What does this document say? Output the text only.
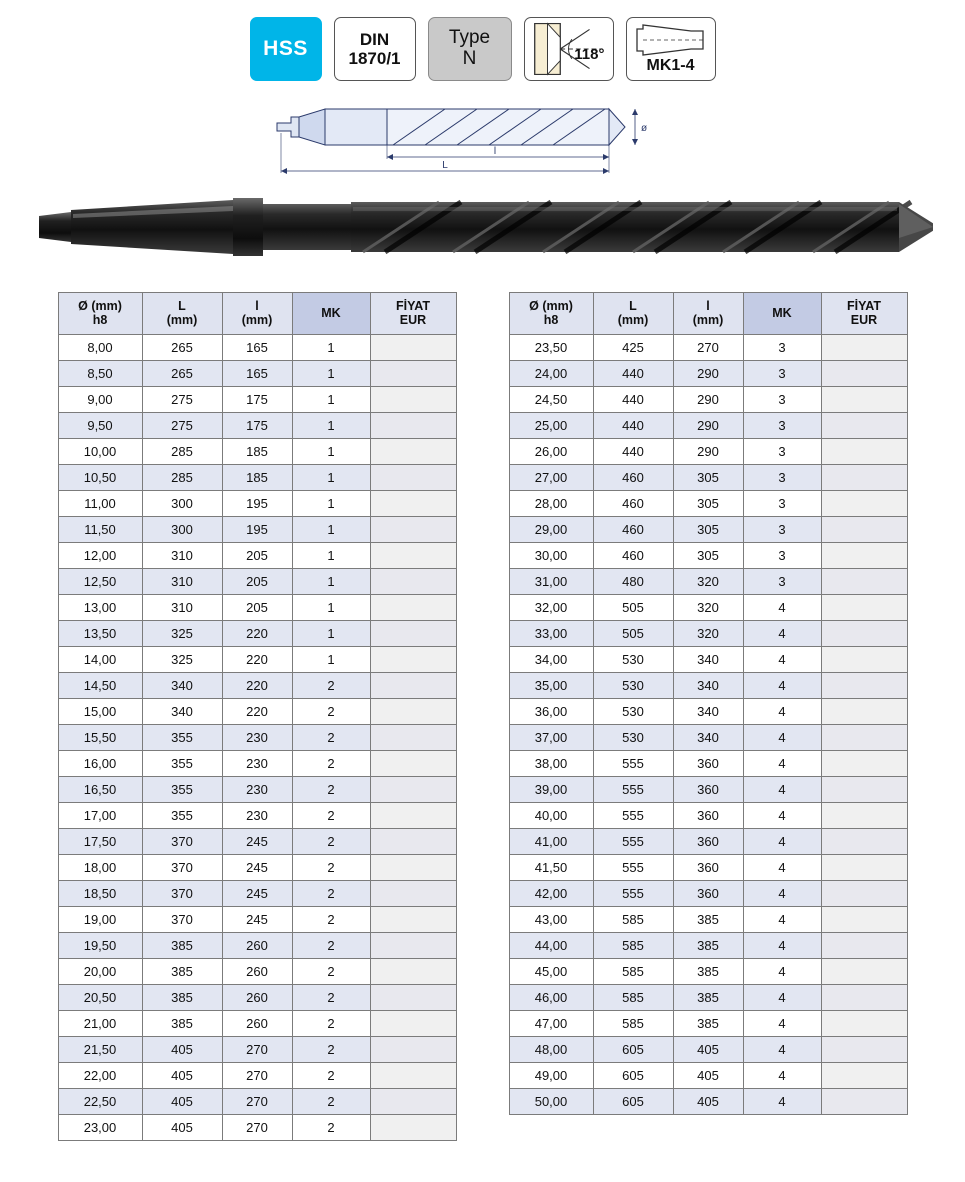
HSS	DIN
1870/1
Type
N	118°
MK1-4
ø
l
L
Ø (mm)
h8

L
(mm)

l
(mm)
	MK	
FİYAT
EUR

8,00	265	165	1	
8,50	265	165	1	
9,00	275	175	1	
9,50	275	175	1	
10,00	285	185	1	
10,50	285	185	1	
11,00	300	195	1	
11,50	300	195	1	
12,00	310	205	1	
12,50	310	205	1	
13,00	310	205	1	
13,50	325	220	1	
14,00	325	220	1	
14,50	340	220	2	
15,00	340	220	2	
15,50	355	230	2	
16,00	355	230	2	
16,50	355	230	2	
17,00	355	230	2	
17,50	370	245	2	
18,00	370	245	2	
18,50	370	245	2	
19,00	370	245	2	
19,50	385	260	2	
20,00	385	260	2	
20,50	385	260	2	
21,00	385	260	2	
21,50	405	270	2	
22,00	405	270	2	
22,50	405	270	2	
23,00	405	270	2	
Ø (mm)
h8

L
(mm)

l
(mm)
	MK	
FİYAT
EUR

23,50	425	270	3	
24,00	440	290	3	
24,50	440	290	3	
25,00	440	290	3	
26,00	440	290	3	
27,00	460	305	3	
28,00	460	305	3	
29,00	460	305	3	
30,00	460	305	3	
31,00	480	320	3	
32,00	505	320	4	
33,00	505	320	4	
34,00	530	340	4	
35,00	530	340	4	
36,00	530	340	4	
37,00	530	340	4	
38,00	555	360	4	
39,00	555	360	4	
40,00	555	360	4	
41,00	555	360	4	
41,50	555	360	4	
42,00	555	360	4	
43,00	585	385	4	
44,00	585	385	4	
45,00	585	385	4	
46,00	585	385	4	
47,00	585	385	4	
48,00	605	405	4	
49,00	605	405	4	
50,00	605	405	4	
